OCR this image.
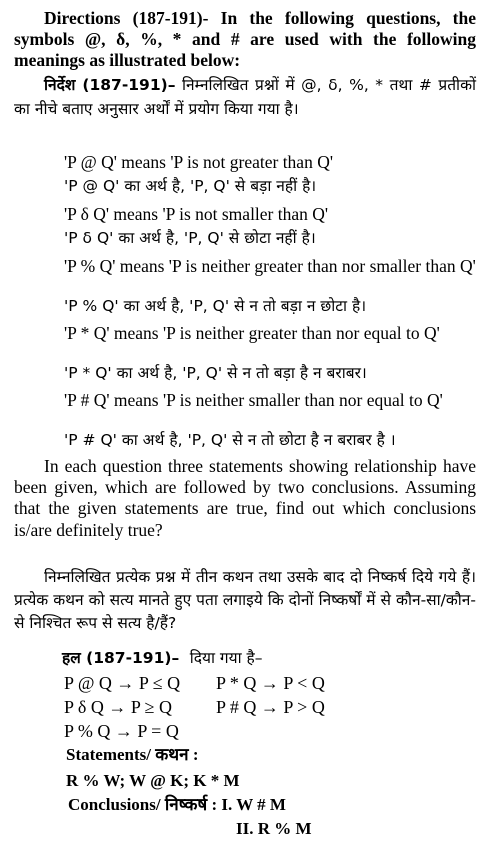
Directions (187-191)- In the following questions, the symbols @, δ, %, * and # are used with the following meanings as illustrated below:
निर्देश (187-191)– निम्नलिखित प्रश्नों में @, δ, %, * तथा # प्रतीकों का नीचे बताए अनुसार अर्थों में प्रयोग किया गया है।
'P @ Q' means 'P is not greater than Q'
'P @ Q' का अर्थ है, 'P, Q' से बड़ा नहीं है।
'P δ Q' means 'P is not smaller than Q'
'P δ Q' का अर्थ है, 'P, Q' से छोटा नहीं है।
'P % Q' means 'P is neither greater than nor smaller than Q'
'P % Q' का अर्थ है, 'P, Q' से न तो बड़ा न छोटा है।
'P * Q' means 'P is neither greater than nor equal to Q'
'P * Q' का अर्थ है, 'P, Q' से न तो बड़ा है न बराबर।
'P # Q' means 'P is neither smaller than nor equal to Q'
'P # Q' का अर्थ है, 'P, Q' से न तो छोटा है न बराबर है ।
In each question three statements showing relationship have been given, which are followed by two conclusions. Assuming that the given statements are true, find out which conclusions is/are definitely true?
निम्नलिखित प्रत्येक प्रश्न में तीन कथन तथा उसके बाद दो निष्कर्ष दिये गये हैं। प्रत्येक कथन को सत्य मानते हुए पता लगाइये कि दोनों निष्कर्षों में से कौन-सा/कौन-से निश्चित रूप से सत्य है/हैं?
हल (187-191)– दिया गया है–
P @ Q → P ≤ Q P * Q → P < Q
P δ Q → P ≥ Q P # Q → P > Q
P % Q → P = Q
Statements/ कथन :
R % W; W @ K; K * M
Conclusions/ निष्कर्ष : I. W # M
II. R % M
